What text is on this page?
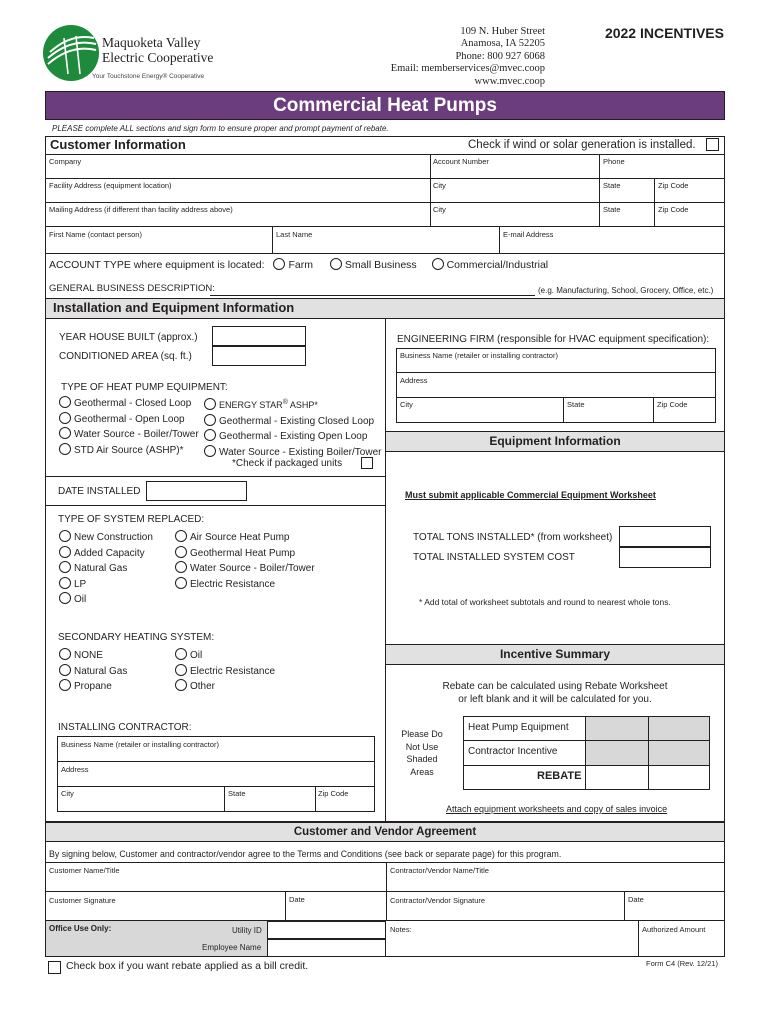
Maquoketa Valley
Electric Cooperative
Your Touchstone Energy® Cooperative
109 N. Huber Street
Anamosa, IA 52205
Phone: 800 927 6068
Email: memberservices@mvec.coop
www.mvec.coop
2022 INCENTIVES
Commercial Heat Pumps
PLEASE complete ALL sections and sign form to ensure proper and prompt payment of rebate.
Customer Information	Check if wind or solar generation is installed.
Company	Account Number	Phone
Facility Address (equipment location)	City	State	Zip Code
Mailing Address (if different than facility address above)	City	State	Zip Code
First Name (contact person)	Last Name	E-mail Address
ACCOUNT TYPE where equipment is located: Farm	Small Business	Commercial/Industrial
GENERAL BUSINESS DESCRIPTION:	(e.g. Manufacturing, School, Grocery, Office, etc.)
Installation and Equipment Information
YEAR HOUSE BUILT (approx.)
CONDITIONED AREA (sq. ft.)
TYPE OF HEAT PUMP EQUIPMENT:
Geothermal - Closed Loop
Geothermal - Open Loop
Water Source - Boiler/Tower
STD Air Source (ASHP)*
ENERGY STAR® ASHP*
Geothermal - Existing Closed Loop
Geothermal - Existing Open Loop
Water Source - Existing Boiler/Tower
*Check if packaged units
DATE INSTALLED
TYPE OF SYSTEM REPLACED:
New Construction
Added Capacity
Natural Gas
LP
Oil
Air Source Heat Pump
Geothermal Heat Pump
Water Source - Boiler/Tower
Electric Resistance
SECONDARY HEATING SYSTEM:
NONE
Natural Gas
Propane
Oil
Electric Resistance
Other
INSTALLING CONTRACTOR:
Business Name (retailer or installing contractor)
Address
City	State	Zip Code
ENGINEERING FIRM (responsible for HVAC equipment specification):
Business Name (retailer or installing contractor)
Address
City	State	Zip Code
Equipment Information
Must submit applicable Commercial Equipment Worksheet
TOTAL TONS INSTALLED* (from worksheet)
TOTAL INSTALLED SYSTEM COST
* Add total of worksheet subtotals and round to nearest whole tons.
Incentive Summary
Rebate can be calculated using Rebate Worksheet
or left blank and it will be calculated for you.
Please Do
Not Use
Shaded
Areas
Heat Pump Equipment
Contractor Incentive
REBATE
Attach equipment worksheets and copy of sales invoice
Customer and Vendor Agreement
By signing below, Customer and contractor/vendor agree to the Terms and Conditions (see back or separate page) for this program.
Customer Name/Title	Contractor/Vendor Name/Title
Customer Signature	Date	Contractor/Vendor Signature	Date
Office Use Only:	Utility ID
Employee Name
Notes:	Authorized Amount
Check box if you want rebate applied as a bill credit.	Form C4 (Rev. 12/21)
